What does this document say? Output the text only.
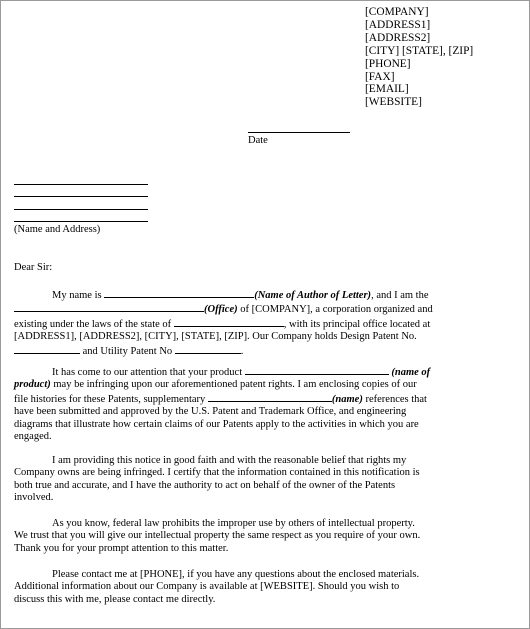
[COMPANY]
[ADDRESS1]
[ADDRESS2]
[CITY] [STATE], [ZIP]
[PHONE]
[FAX]
[EMAIL]
[WEBSITE]
Date
(Name and Address)
Dear Sir:

My name is	(Name of Author of Letter), and I am the

(Office) of [COMPANY], a corporation organized and

existing under the laws of the state of	, with its principal office located at

[ADDRESS1], [ADDRESS2], [CITY], [STATE], [ZIP]. Our Company holds Design Patent No.

and Utility Patent No	.

It has come to our attention that your product	(name of

product) may be infringing upon our aforementioned patent rights. I am enclosing copies of our

file histories for these Patents, supplementary	(name) references that

have been submitted and approved by the U.S. Patent and Trademark Office, and engineering

diagrams that illustrate how certain claims of our Patents apply to the activities in which you are

engaged.

I am providing this notice in good faith and with the reasonable belief that rights my

Company owns are being infringed. I certify that the information contained in this notification is

both true and accurate, and I have the authority to act on behalf of the owner of the Patents

involved.

As you know, federal law prohibits the improper use by others of intellectual property.

We trust that you will give our intellectual property the same respect as you require of your own.

Thank you for your prompt attention to this matter.

Please contact me at [PHONE], if you have any questions about the enclosed materials.

Additional information about our Company is available at [WEBSITE]. Should you wish to

discuss this with me, please contact me directly.
